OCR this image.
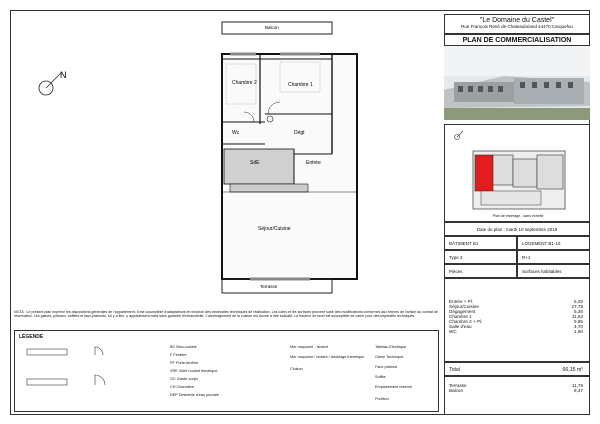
N
Balcon
Chambre 2	Chambre 1
Dégt
Wc
SdE	Entrée
Séjour/Cuisine
Terrasse
NOTA : Le présent plan exprime les dispositions générales de l'appartement, il est susceptible d'adaptations en fonction des nécessités techniques de réalisation. Les cotes et les surfaces peuvent subir des modifications conformes aux termes de l'article du contrat de réservation. Les gaines, poteaux, soffites et faux-plafonds, s'il y a lieu, y apparaissent mais sans garantie d'exhaustivité. L'aménagement de la cuisine est donné à titre indicatif. La hauteur de seuil est susceptible de varier pour des impératifs techniques.
LÉGENDE
BC Bloc-cuisine
F Fenêtre
PF Porte-fenêtre
VRE Volet roulant électrique
GC Garde-corps
CH Chaudière
DEP Descente d'eau pluviale
Mur maçonné - Isolant
Mur maçonné / Isolant / doublage thermique
Cloison
Tableau Electrique
Gaine Technique
Faux plafond
Soffite
Emplacement réservé
Portillon
"Le Domaine du Castel"
Rue François René de Chateaubriand 44470 Carquefou
PLAN DE COMMERCIALISATION
Plan de repérage - sans échelle
Date du plan : mardi 10 septembre 2019
BÂTIMENT B1	LOGEMENT B1-10
Type 3	R+1
Pièces	Surfaces habitables
Entrée + Pl.	5,02
Séjour/Cuisine	27,78
Dégagement	5,26
Chambre 1	11,62
Chambre 2 + Pl.	9,85
Salle d'eau	4,70
WC	1,90
Total	66,15 m²
Terrasse	11,76
Balcon	6,47
